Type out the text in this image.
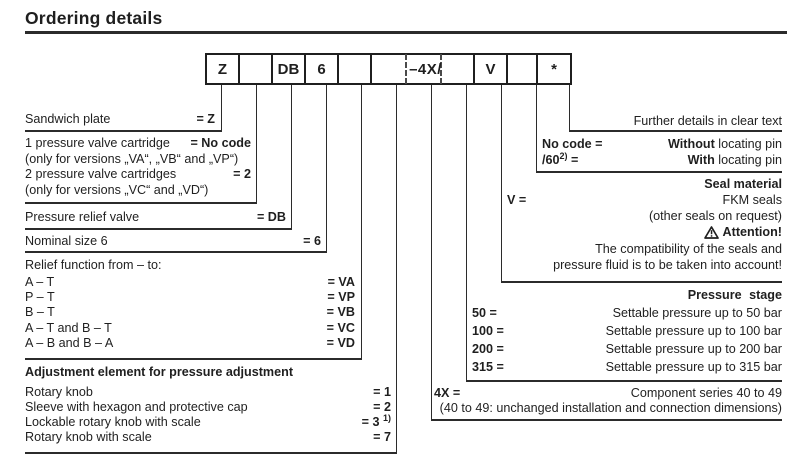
Ordering details
Z	DB 6	–4X/	V	*
Sandwich plate	= Z
1 pressure valve cartridge = No code
(only for versions „VA“, „VB“ and „VP“)
2 pressure valve cartridges	= 2
(only for versions „VC“ and „VD“)
Pressure relief valve	= DB
Nominal size 6	= 6
Relief function from – to:
A – T	= VA
P – T	= VP
B – T	= VB
A – T and B – T	= VC
A – B and B – A	= VD
Adjustment element for pressure adjustment
Rotary knob	= 1
Sleeve with hexagon and protective cap	= 2
Lockable rotary knob with scale	= 3 $^{1)}$
Rotary knob with scale	= 7
Further details in clear text
No code =	Without locating pin
$/60^{2)}$ =	With locating pin
Seal material
V =	FKM seals
(other seals on request)
Attention!
The compatibility of the seals and
pressure fluid is to be taken into account!
Pressure stage
50 =	Settable pressure up to 50 bar
100 =	Settable pressure up to 100 bar
200 =	Settable pressure up to 200 bar
315 =	Settable pressure up to 315 bar
4X =	Component series 40 to 49
(40 to 49: unchanged installation and connection dimensions)
